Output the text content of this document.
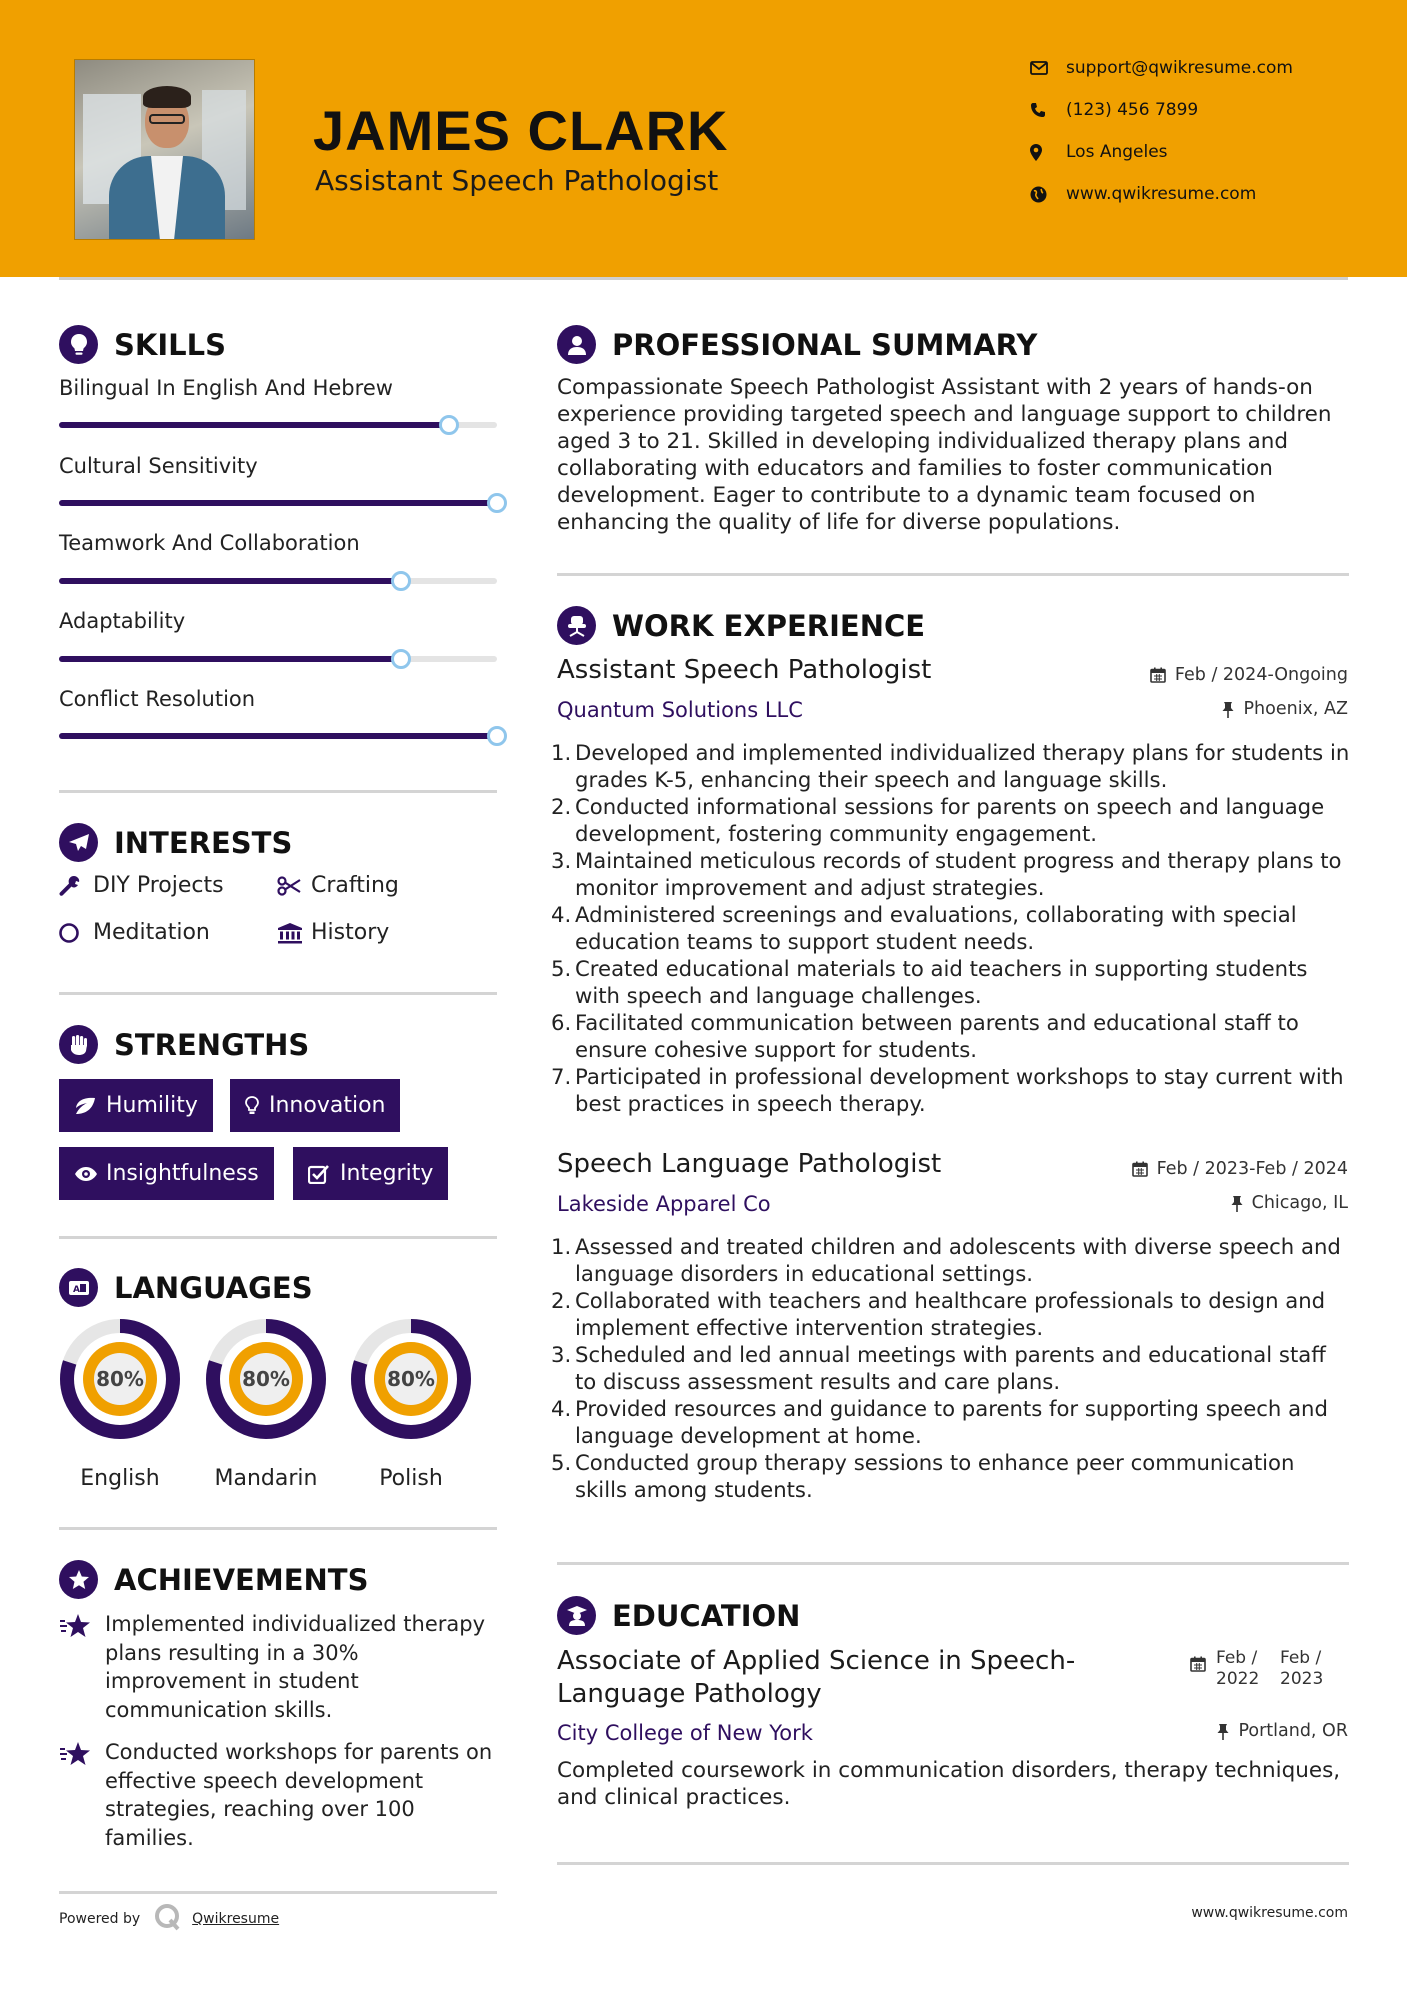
JAMES CLARK
Assistant Speech Pathologist
support@qwikresume.com
(123) 456 7899
Los Angeles
www.qwikresume.com
SKILLS
Bilingual In English And Hebrew
Cultural Sensitivity
Teamwork And Collaboration
Adaptability
Conflict Resolution
INTERESTS
DIY Projects	Crafting
Meditation	History
STRENGTHS
Humility	Innovation
Insightfulness	Integrity
A LANGUAGES
80%
English
80%
Mandarin
80%
Polish
ACHIEVEMENTS
Implemented individualized therapy plans resulting in a 30% improvement in student communication skills.
Conducted workshops for parents on effective speech development strategies, reaching over 100 families.
Powered by	Qwikresume	www.qwikresume.com
PROFESSIONAL SUMMARY
Compassionate Speech Pathologist Assistant with 2 years of hands-on experience providing targeted speech and language support to children aged 3 to 21. Skilled in developing individualized therapy plans and collaborating with educators and families to foster communication development. Eager to contribute to a dynamic team focused on enhancing the quality of life for diverse populations.
WORK EXPERIENCE
Assistant Speech Pathologist
Quantum Solutions LLC
Feb / 2024-Ongoing
Phoenix, AZ
1. Developed and implemented individualized therapy plans for students in grades K-5, enhancing their speech and language skills.
2. Conducted informational sessions for parents on speech and language development, fostering community engagement.
3. Maintained meticulous records of student progress and therapy plans to monitor improvement and adjust strategies.
4. Administered screenings and evaluations, collaborating with special education teams to support student needs.
5. Created educational materials to aid teachers in supporting students with speech and language challenges.
6. Facilitated communication between parents and educational staff to ensure cohesive support for students.
7. Participated in professional development workshops to stay current with best practices in speech therapy.
Speech Language Pathologist
Lakeside Apparel Co
Feb / 2023-Feb / 2024
Chicago, IL
1. Assessed and treated children and adolescents with diverse speech and language disorders in educational settings.
2. Collaborated with teachers and healthcare professionals to design and implement effective intervention strategies.
3. Scheduled and led annual meetings with parents and educational staff to discuss assessment results and care plans.
4. Provided resources and guidance to parents for supporting speech and language development at home.
5. Conducted group therapy sessions to enhance peer communication skills among students.
EDUCATION
Associate of Applied Science in Speech-Language Pathology
Feb / 2022
Feb / 2023
City College of New York	Portland, OR
Completed coursework in communication disorders, therapy techniques, and clinical practices.
